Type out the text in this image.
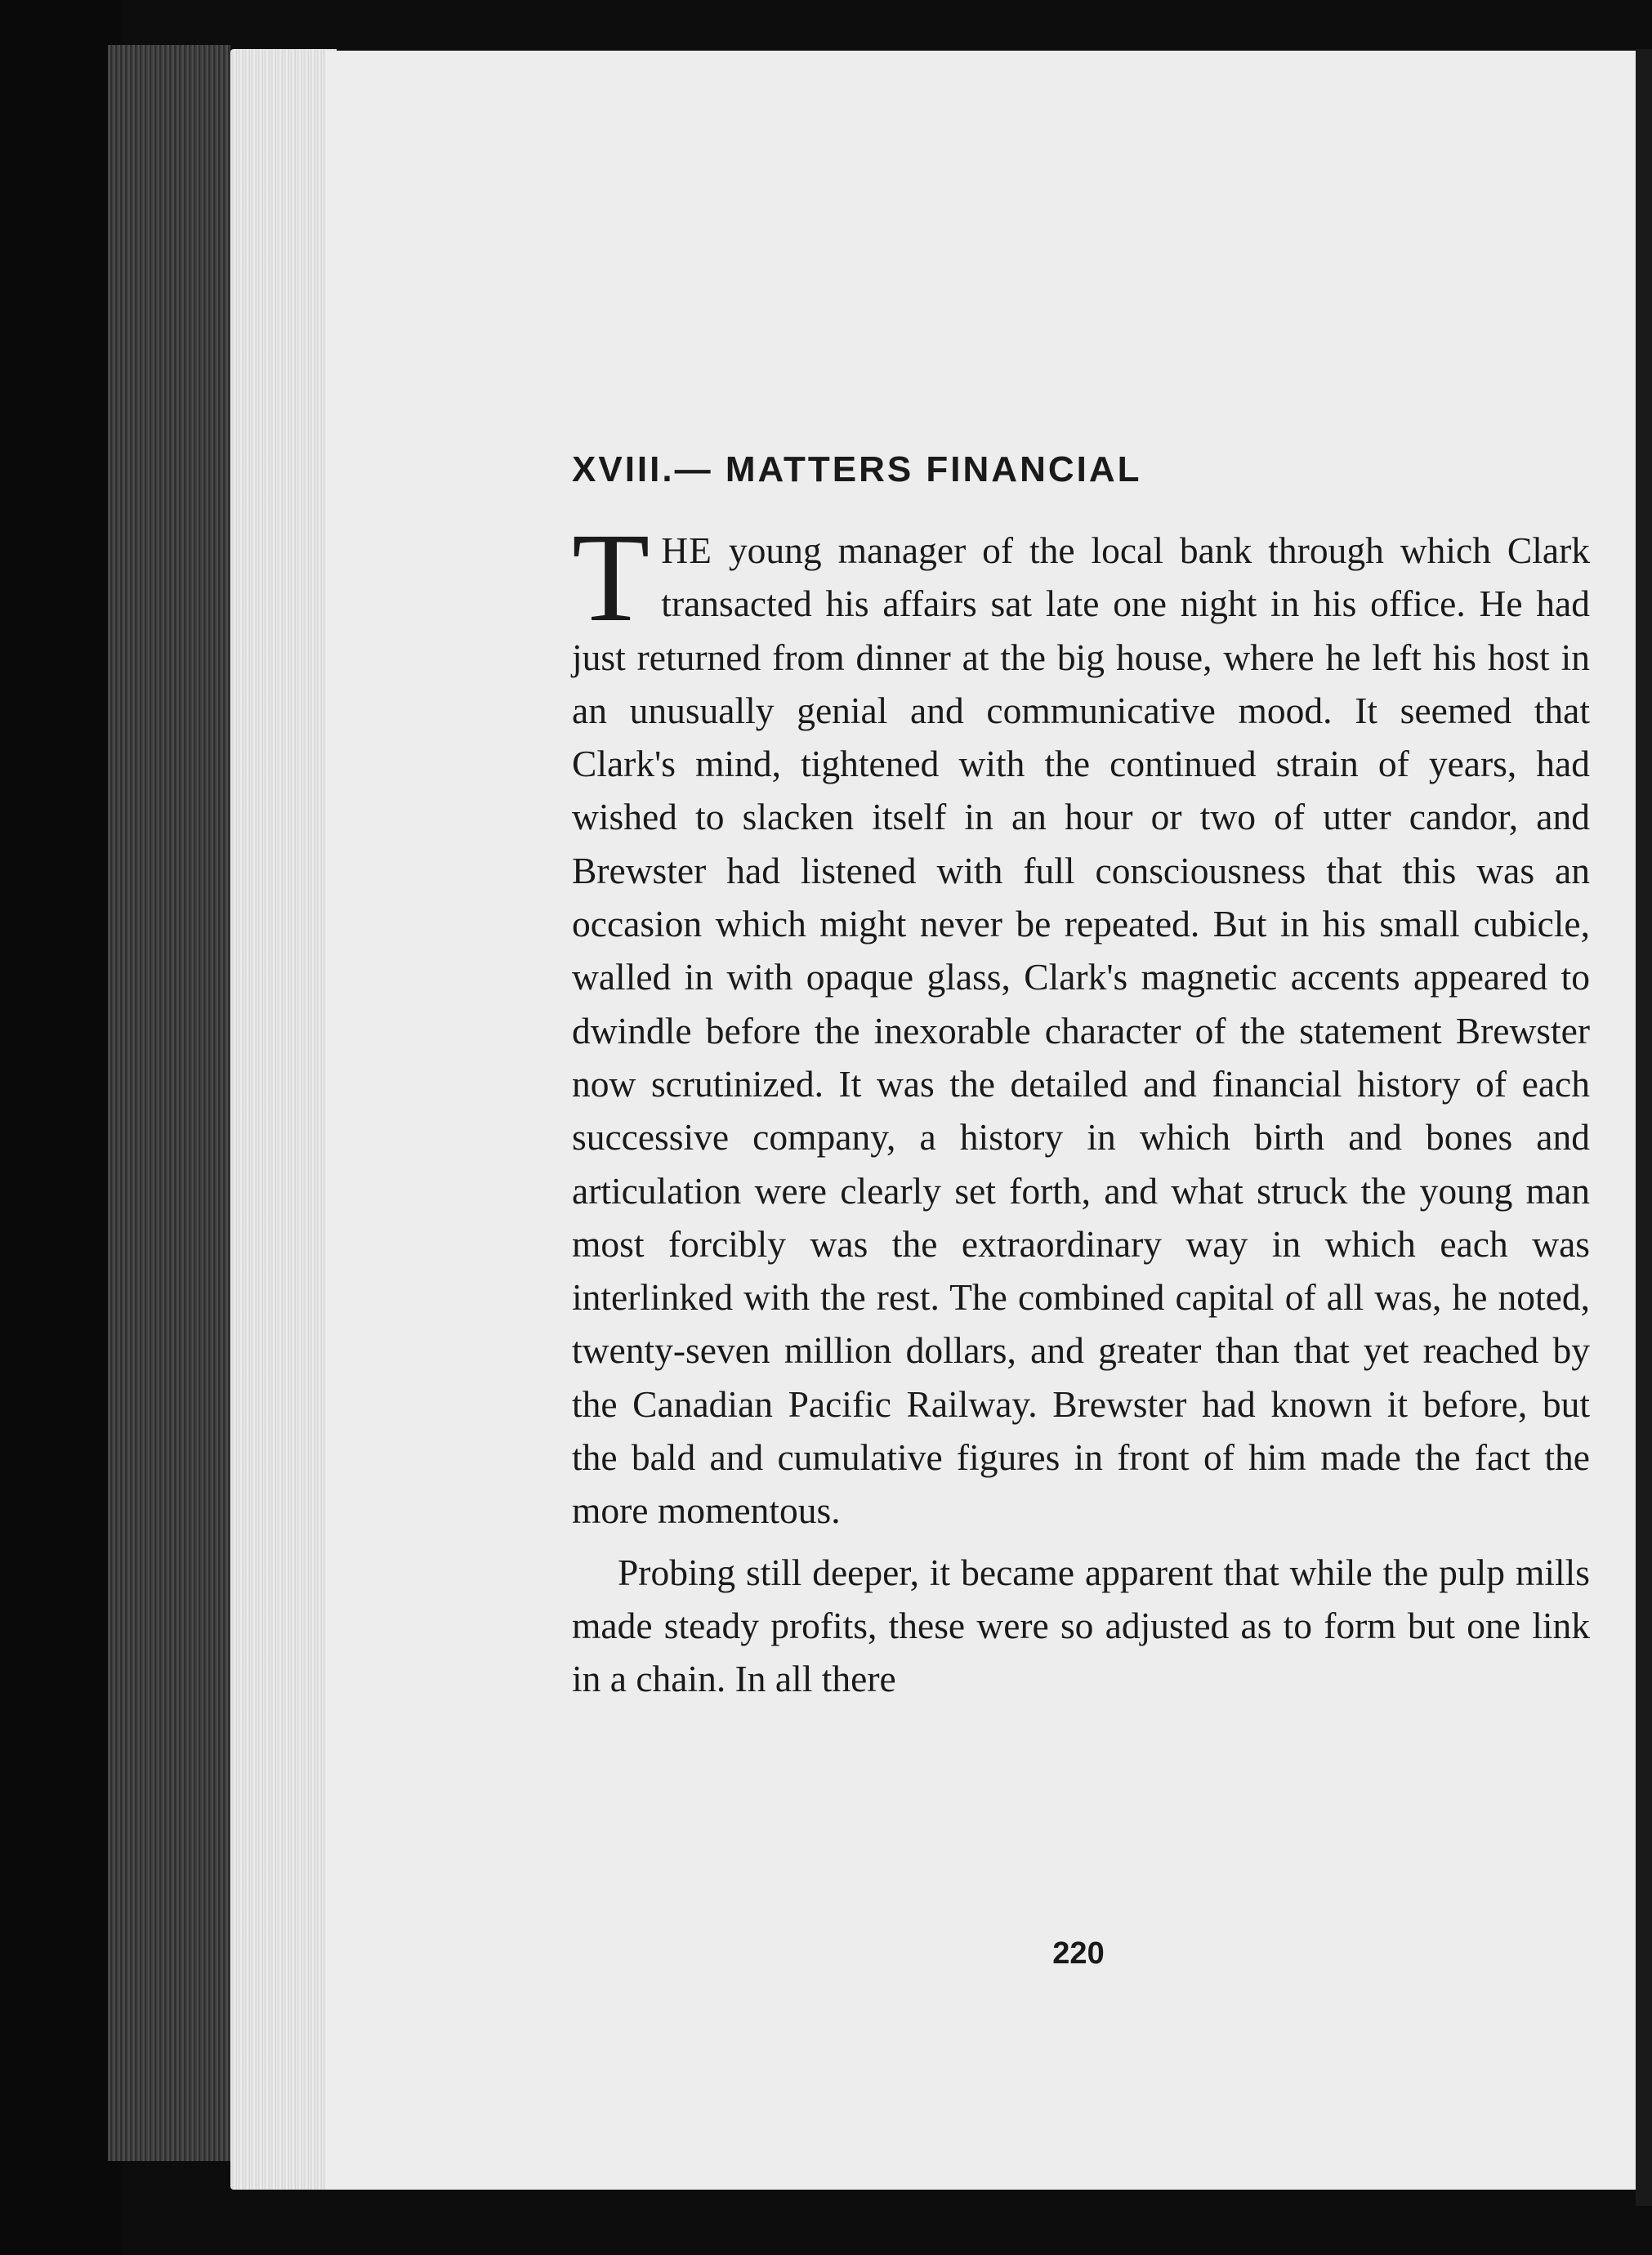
XVIII.— MATTERS FINANCIAL

THE young manager of the local bank through which Clark transacted his affairs sat late one night in his office. He had just returned from dinner at the big house, where he left his host in an unusually genial and communicative mood. It seemed that Clark's mind, tightened with the continued strain of years, had wished to slacken itself in an hour or two of utter candor, and Brewster had listened with full consciousness that this was an occasion which might never be repeated. But in his small cubicle, walled in with opaque glass, Clark's magnetic accents appeared to dwindle before the inexorable character of the statement Brewster now scrutinized. It was the detailed and financial history of each successive company, a history in which birth and bones and articulation were clearly set forth, and what struck the young man most forcibly was the extraordinary way in which each was interlinked with the rest. The combined capital of all was, he noted, twenty-seven million dollars, and greater than that yet reached by the Canadian Pacific Railway. Brewster had known it before, but the bald and cumulative figures in front of him made the fact the more momentous.

Probing still deeper, it became apparent that while the pulp mills made steady profits, these were so adjusted as to form but one link in a chain. In all there

220
